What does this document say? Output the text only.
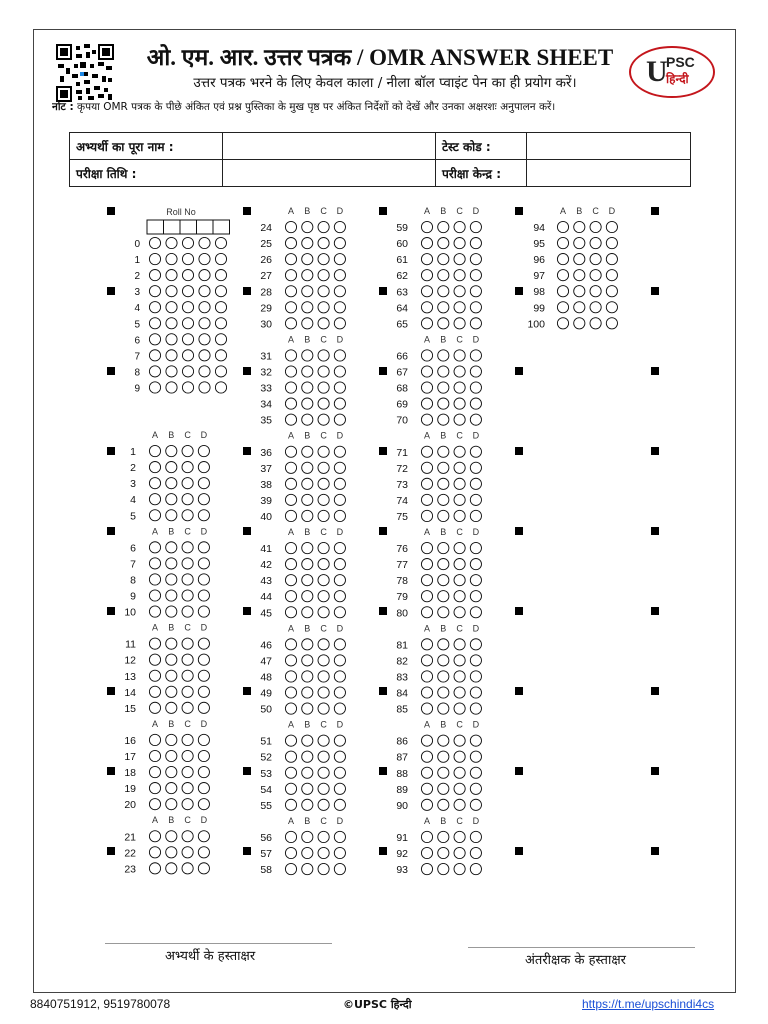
ओ. एम. आर. उत्तर पत्रक / OMR ANSWER SHEET
उत्तर पत्रक भरने के लिए केवल काला / नीला बॉल प्वाइंट पेन का ही प्रयोग करें।
नोट : कृपया OMR पत्रक के पीछे अंकित एवं प्रश्न पुस्तिका के मुख पृष्ठ पर अंकित निर्देशों को देखें और उनका अक्षरशः अनुपालन करें।
U
PSC
हिन्दी
अभ्यर्थी का पूरा नाम :		टेस्ट कोड :	
परीक्षा तिथि :		परीक्षा केन्द्र :	
Roll No
0
1
2
3
4
5
6
7
8
9
A B C D
1
2
3
4
5
A B C D
6
7
8
9
10
A B C D
11
12
13
14
15
A B C D
16
17
18
19
20
A B C D
21
22
23
A B C D
24
25
26
27
28
29
30
A B C D
31
32
33
34
35
A B C D
36
37
38
39
40
A B C D
41
42
43
44
45
A B C D
46
47
48
49
50
A B C D
51
52
53
54
55
A B C D
56
57
58
A B C D
59
60
61
62
63
64
65
A B C D
66
67
68
69
70
A B C D
71
72
73
74
75
A B C D
76
77
78
79
80
A B C D
81
82
83
84
85
A B C D
86
87
88
89
90
A B C D
91
92
93
A B C D
94
95
96
97
98
99
100
अभ्यर्थी के हस्ताक्षर	अंतरीक्षक के हस्ताक्षर
8840751912, 9519780078	©UPSC हिन्दी	https://t.me/upschindi4cs
